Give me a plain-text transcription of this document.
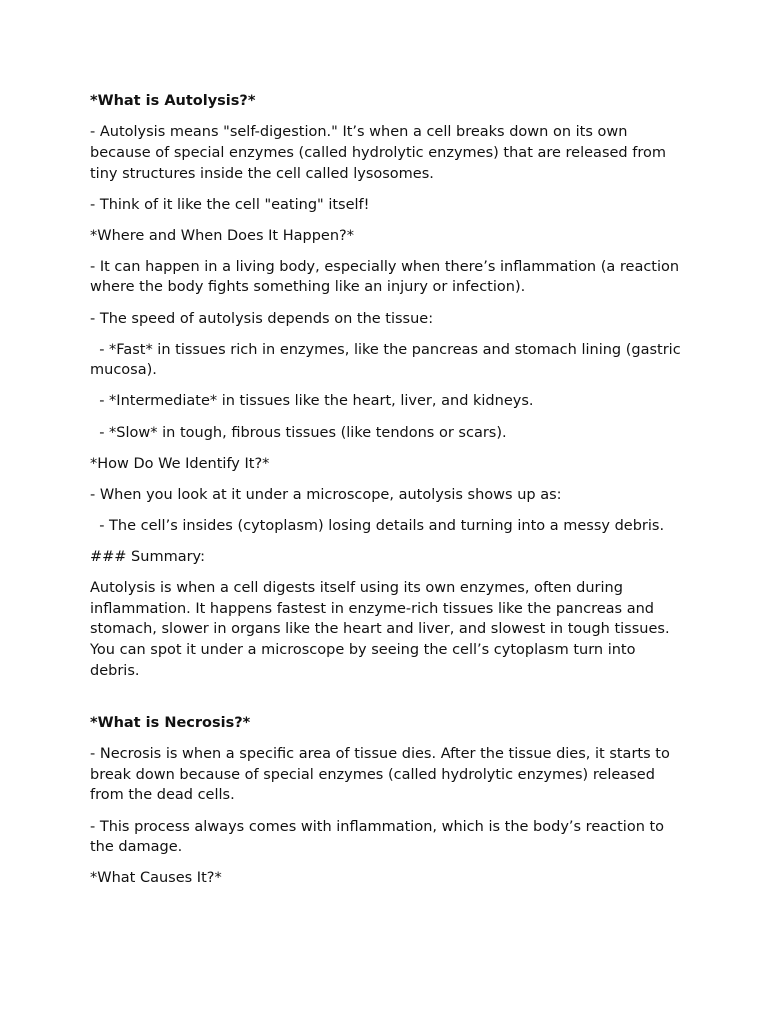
*What is Autolysis?*
- Autolysis means "self-digestion." It’s when a cell breaks down on its own because of special enzymes (called hydrolytic enzymes) that are released from tiny structures inside the cell called lysosomes.
- Think of it like the cell "eating" itself!
*Where and When Does It Happen?*
- It can happen in a living body, especially when there’s inflammation (a reaction where the body fights something like an injury or infection).
- The speed of autolysis depends on the tissue:
- *Fast* in tissues rich in enzymes, like the pancreas and stomach lining (gastric mucosa).
- *Intermediate* in tissues like the heart, liver, and kidneys.
- *Slow* in tough, fibrous tissues (like tendons or scars).
*How Do We Identify It?*
- When you look at it under a microscope, autolysis shows up as:
- The cell’s insides (cytoplasm) losing details and turning into a messy debris.
### Summary:
Autolysis is when a cell digests itself using its own enzymes, often during inflammation. It happens fastest in enzyme-rich tissues like the pancreas and stomach, slower in organs like the heart and liver, and slowest in tough tissues. You can spot it under a microscope by seeing the cell’s cytoplasm turn into debris.
*What is Necrosis?*
- Necrosis is when a specific area of tissue dies. After the tissue dies, it starts to break down because of special enzymes (called hydrolytic enzymes) released from the dead cells.
- This process always comes with inflammation, which is the body’s reaction to the damage.
*What Causes It?*
